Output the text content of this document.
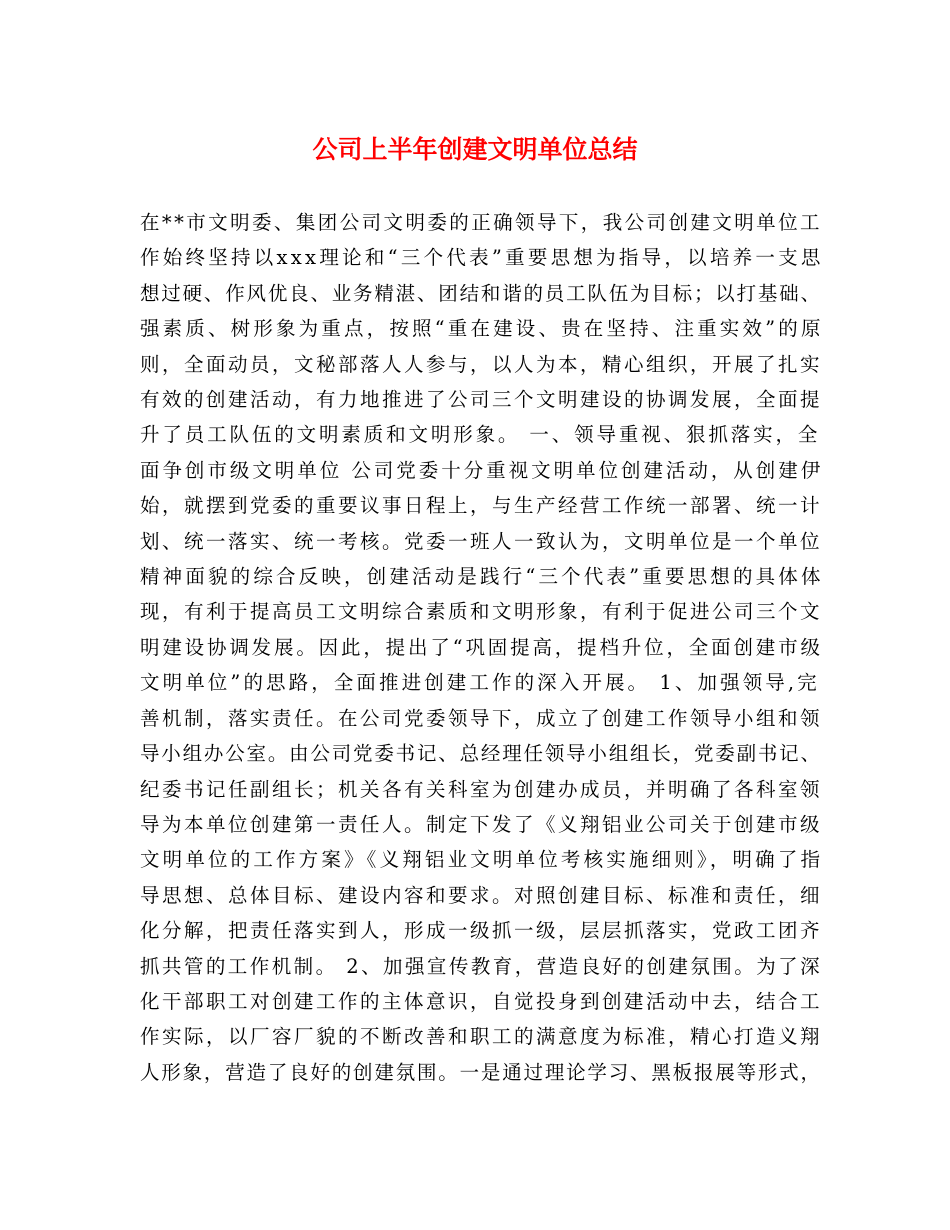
公司上半年创建文明单位总结
在**市文明委、集团公司文明委的正确领导下，我公司创建文明单位工
作始终坚持以xxx理论和“三个代表”重要思想为指导，以培养一支思
想过硬、作风优良、业务精湛、团结和谐的员工队伍为目标；以打基础、
强素质、树形象为重点，按照“重在建设、贵在坚持、注重实效”的原
则，全面动员，文秘部落人人参与，以人为本，精心组织，开展了扎实
有效的创建活动，有力地推进了公司三个文明建设的协调发展，全面提
升了员工队伍的文明素质和文明形象。 一、领导重视、狠抓落实，全
面争创市级文明单位 公司党委十分重视文明单位创建活动，从创建伊
始，就摆到党委的重要议事日程上，与生产经营工作统一部署、统一计
划、统一落实、统一考核。党委一班人一致认为，文明单位是一个单位
精神面貌的综合反映，创建活动是践行“三个代表”重要思想的具体体
现，有利于提高员工文明综合素质和文明形象，有利于促进公司三个文
明建设协调发展。因此，提出了“巩固提高，提档升位，全面创建市级
文明单位”的思路，全面推进创建工作的深入开展。 1、加强领导,完
善机制，落实责任。在公司党委领导下，成立了创建工作领导小组和领
导小组办公室。由公司党委书记、总经理任领导小组组长，党委副书记、
纪委书记任副组长；机关各有关科室为创建办成员，并明确了各科室领
导为本单位创建第一责任人。制定下发了《义翔铝业公司关于创建市级
文明单位的工作方案》《义翔铝业文明单位考核实施细则》，明确了指
导思想、总体目标、建设内容和要求。对照创建目标、标准和责任，细
化分解，把责任落实到人，形成一级抓一级，层层抓落实，党政工团齐
抓共管的工作机制。 2、加强宣传教育，营造良好的创建氛围。为了深
化干部职工对创建工作的主体意识，自觉投身到创建活动中去，结合工
作实际，以厂容厂貌的不断改善和职工的满意度为标准，精心打造义翔
人形象，营造了良好的创建氛围。一是通过理论学习、黑板报展等形式，
